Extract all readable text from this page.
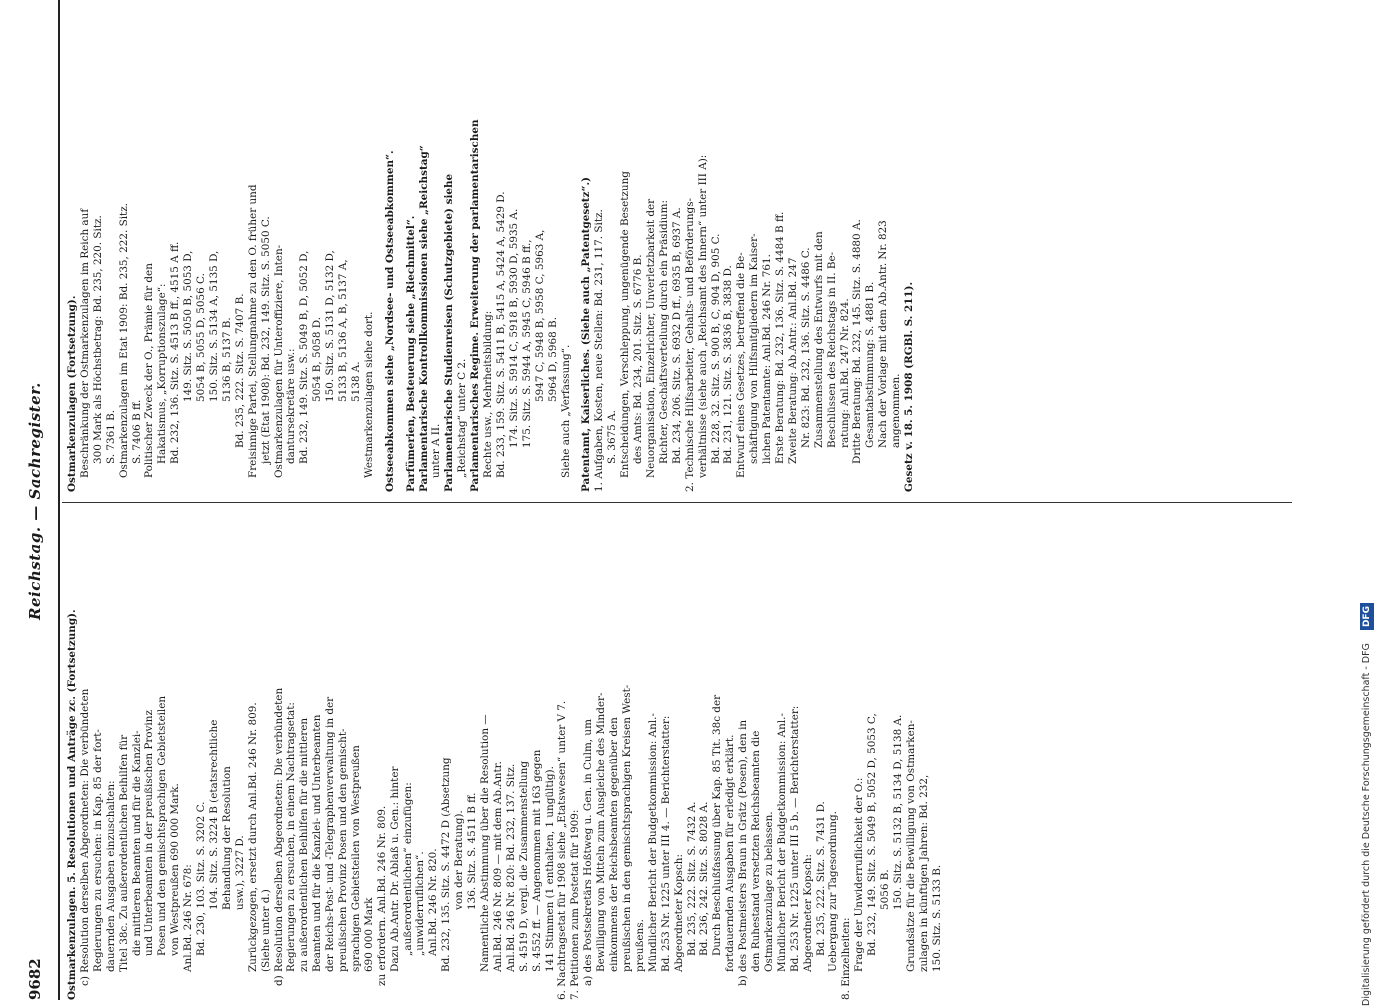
9682
Reichstag. — Sachregister.
Ostmarkenzulagen. 5. Resolutionen und Anträge zc. (Fortsetzung). c) Resolution derselben Abgeordneten: Die verbündeten Regierungen zu ersuchen: in Kap. 85 der fort- dauernden Ausgaben einzuschalten: Titel 38c. Zu außerordentlichen Beihilfen für die mittleren Beamten und für die Kanzlei- und Unterbeamten in der preußischen Provinz Posen und den gemischtsprachigen Gebietsteilen von Westpreußen 690 000 Mark. Anl.Bd. 246 Nr. 678: Bd. 230, 103. Sitz. S. 3202 C. 104. Sitz. S. 3224 B (etatsrechtliche Behandlung der Resolution usw.), 3227 D. Zurückgezogen, ersetzt durch Anl.Bd. 246 Nr. 809. (Siehe unter d.) d) Resolution derselben Abgeordneten: Die verbündeten Regierungen zu ersuchen, in einem Nachtragsetat: zu außerordentlichen Beihilfen für die mittleren Beamten und für die Kanzlei- und Unterbeamten der Reichs-Post- und -Telegraphenverwaltung in der preußischen Provinz Posen und den gemischt- sprachigen Gebietsteilen von Westpreußen 690 000 Mark zu erfordern. Anl.Bd. 246 Nr. 809. Dazu Ab.Antr. Dr. Ablaß u. Gen.: hinter „außerordentlichen“ einzufügen: „unwiderruflichen“. Anl.Bd. 246 Nr. 820. Bd. 232, 135. Sitz. S. 4472 D (Absetzung von der Beratung). 136. Sitz. S. 4511 B ff. Namentliche Abstimmung über die Resolution — Anl.Bd. 246 Nr. 809 — mit dem Ab.Antr. Anl.Bd. 246 Nr. 820: Bd. 232, 137. Sitz. S. 4519 D, vergl. die Zusammenstellung S. 4552 ff. — Angenommen mit 163 gegen 141 Stimmen (1 enthalten, 1 ungültig). 6. Nachtragsetat für 1908 siehe „Etatswesen“ unter V 7. 7. Petitionen zum Postetat für 1909: a) des Postsekretärs Hoßtweg u. Gen. in Culm, um Bewilligung von Mitteln zum Ausgleiche des Minder- einkommens der Reichsbeamten gegenüber den preußischen in den gemischtsprachigen Kreisen West- preußens. Mündlicher Bericht der Budgetkommission: Anl.- Bd. 253 Nr. 1225 unter III 4. — Berichterstatter: Abgeordneter Kopsch: Bd. 235, 222. Sitz. S. 7432 A. Bd. 236, 242. Sitz. S. 8028 A. Durch Beschlußfassung über Kap. 85 Tit. 38c der fortdauernden Ausgaben für erledigt erklärt. b) des Postmeisters Braun in Grätz (Posen), den in den Ruhestand versetzten Reichsbeamten die Ostmarkenzulage zu belassen. Mündlicher Bericht der Budgetkommission: Anl.- Bd. 253 Nr. 1225 unter III 5 b. — Berichterstatter: Abgeordneter Kopsch: Bd. 235, 222. Sitz. S. 7431 D. Uebergang zur Tagesordnung. 8. Einzelheiten: Frage der Unwiderruflichkeit der O.: Bd. 232, 149. Sitz. S. 5049 B, 5052 D, 5053 C, 5056 B. 150. Sitz. S. 5132 B, 5134 D, 5138 A. Grundsätze für die Bewilligung von Ostmarken- zulagen in künftigen Jahren: Bd. 232, 150. Sitz. S. 5133 B.
Ostmarkenzulagen (Fortsetzung). Beschränkung der Ostmarkenzulagen im Reich auf 300 Mark als Höchstbetrag: Bd. 235, 220. Sitz. S. 7361 B. Ostmarkenzulagen im Etat 1909: Bd. 235, 222. Sitz. S. 7406 B ff. Politischer Zweck der O., Prämie für den Hakatismus, „Korruptionszulage“: Bd. 232, 136. Sitz. S. 4513 B ff., 4515 A ff. 149. Sitz. S. 5050 B, 5053 D, 5054 B, 5055 D, 5056 C. 150. Sitz. S. 5134 A, 5135 D, 5136 B, 5137 B. Bd. 235, 222. Sitz. S. 7407 B. Freisinnige Partei, Stellungnahme zu den O. früher und jetzt (Etat 1908): Bd. 232, 149. Sitz. S. 5050 C. Ostmarkenzulagen für Unteroffiziere, Inten- dantursekretäre usw.: Bd. 232, 149. Sitz. S. 5049 B, D, 5052 D, 5054 B, 5058 D. 150. Sitz. S. 5131 D, 5132 D, 5133 B, 5136 A, B, 5137 A, 5138 A. Westmarkenzulagen siehe dort. Ostseeabkommen siehe „Nordsee- und Ostseeabkommen“. Parfümerien, Besteuerung siehe „Riechmittel“. Parlamentarische Kontrollkommissionen siehe „Reichstag“ unter A II. Parlamentarische Studienreisen (Schutzgebiete) siehe „Reichstag“ unter C 2. Parlamentarisches Regime. Erweiterung der parlamentarischen Rechte usw., Mehrheitsbildung: Bd. 233, 159. Sitz. S. 5411 B, 5415 A, 5424 A, 5429 D. 174. Sitz. S. 5914 C, 5918 B, 5930 D, 5935 A. 175. Sitz. S. 5944 A, 5945 C, 5946 B ff., 5947 C, 5948 B, 5958 C, 5963 A, 5964 D, 5968 B. Siehe auch „Verfassung“. Patentamt, Kaiserliches. (Siehe auch „Patentgesetz“.) 1. Aufgaben, Kosten, neue Stellen: Bd. 231, 117. Sitz. S. 3675 A. Entscheidungen, Verschleppung, ungenügende Besetzung des Amts: Bd. 234, 201. Sitz. S. 6776 B. Neuorganisation, Einzelrichter, Unverletzbarkeit der Richter, Geschäftsverteilung durch ein Präsidium: Bd. 234, 206. Sitz. S. 6932 D ff., 6935 B, 6937 A. 2. Technische Hilfsarbeiter, Gehalts- und Beförderungs- verhältnisse (siehe auch „Reichsamt des Innern“ unter III A): Bd. 228, 32. Sitz. S. 900 B, C, 904 D, 905 C. Bd. 231, 121. Sitz. S. 3836 B, 3838 D. Entwurf eines Gesetzes, betreffend die Be- schäftigung von Hilfsmitgliedern im Kaiser- lichen Patentamte: Anl.Bd. 246 Nr. 761. Erste Beratung: Bd. 232, 136. Sitz. S. 4484 B ff. Zweite Beratung: Ab.Antr.: Anl.Bd. 247 Nr. 823: Bd. 232, 136. Sitz. S. 4486 C. Zusammenstellung des Entwurfs mit den Beschlüssen des Reichstags in II. Be- ratung: Anl.Bd. 247 Nr. 824. Dritte Beratung: Bd. 232, 145. Sitz. S. 4880 A. Gesamtabstimmung: S. 4881 B. Nach der Vorlage mit dem Ab.Antr. Nr. 823 angenommen. Gesetz v. 18. 5. 1908 (RGBl. S. 211).
Digitalisierung gefördert durch die Deutsche Forschungsgemeinschaft - DFG DFG
